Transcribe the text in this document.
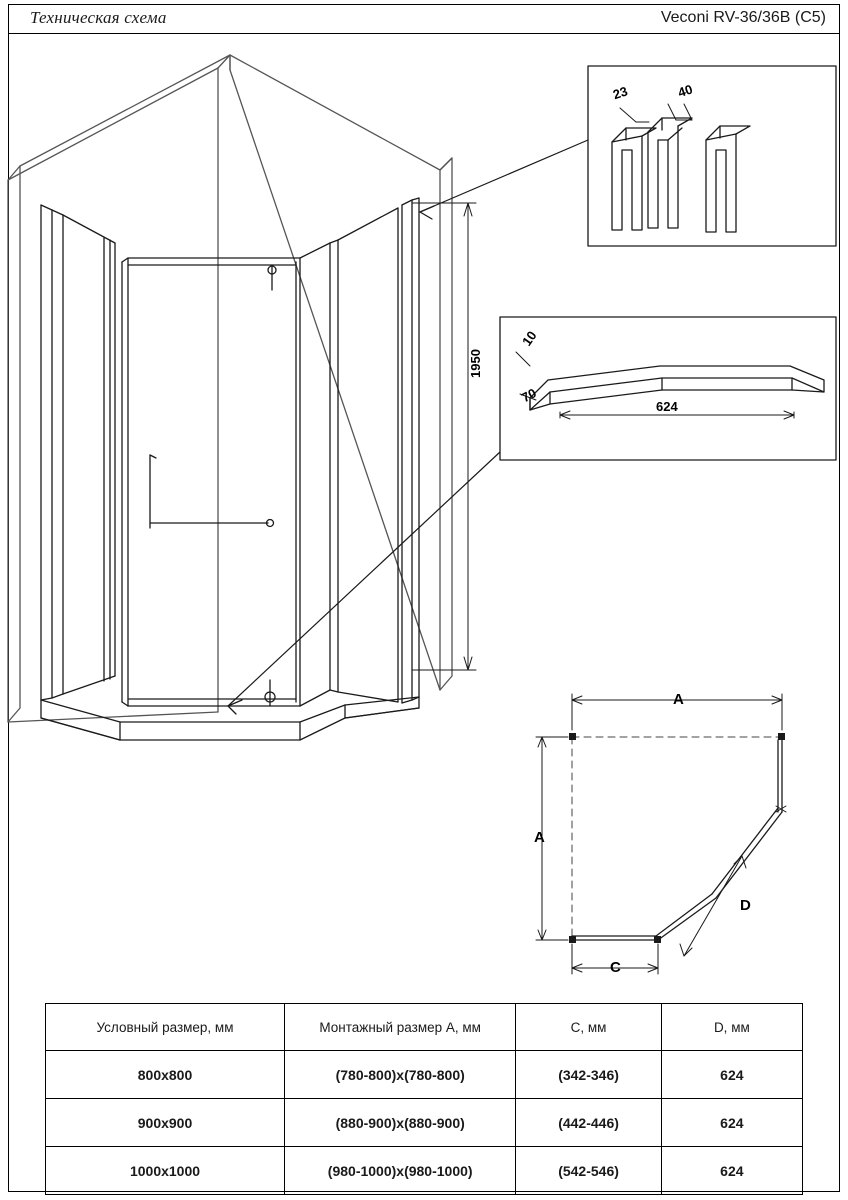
Техническая схема	Veconi RV-36/36B (C5)
1950
23	40
10
70
624
A
A
C
D
Условный размер, мм	Монтажный размер A, мм	C, мм	D, мм
800x800	(780-800)x(780-800)	(342-346)	624
900x900	(880-900)x(880-900)	(442-446)	624
1000x1000	(980-1000)x(980-1000)	(542-546)	624
